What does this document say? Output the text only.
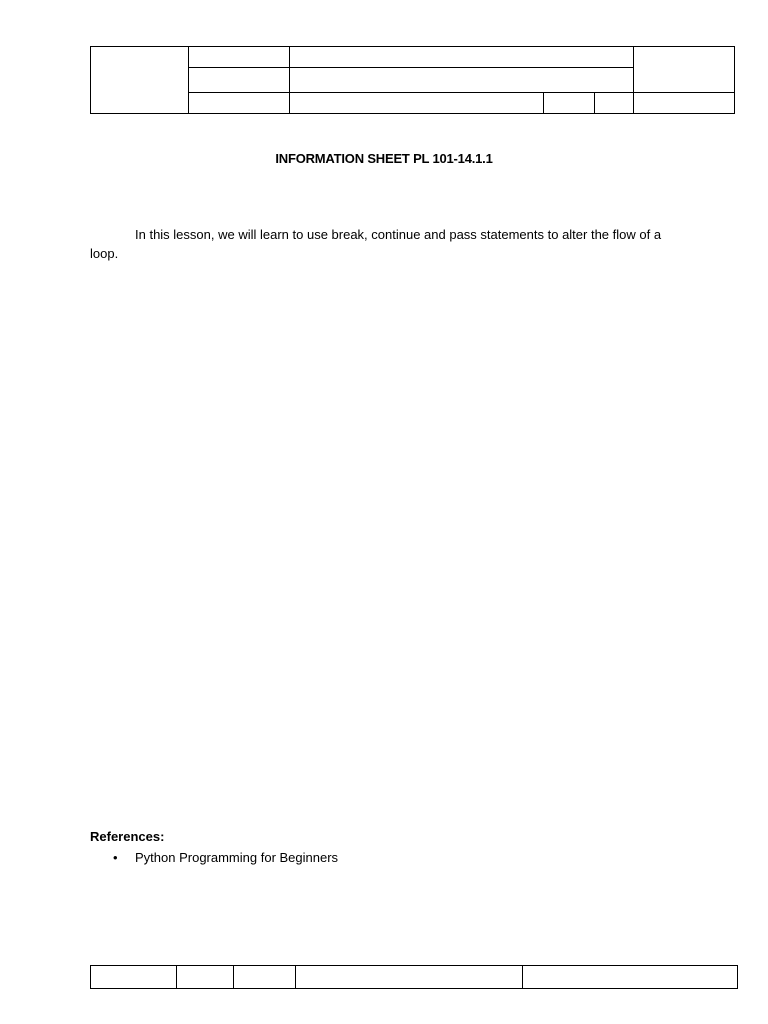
INFORMATION SHEET PL 101-14.1.1
In this lesson, we will learn to use break, continue and pass statements to alter the flow of a loop.
References:
• Python Programming for Beginners
